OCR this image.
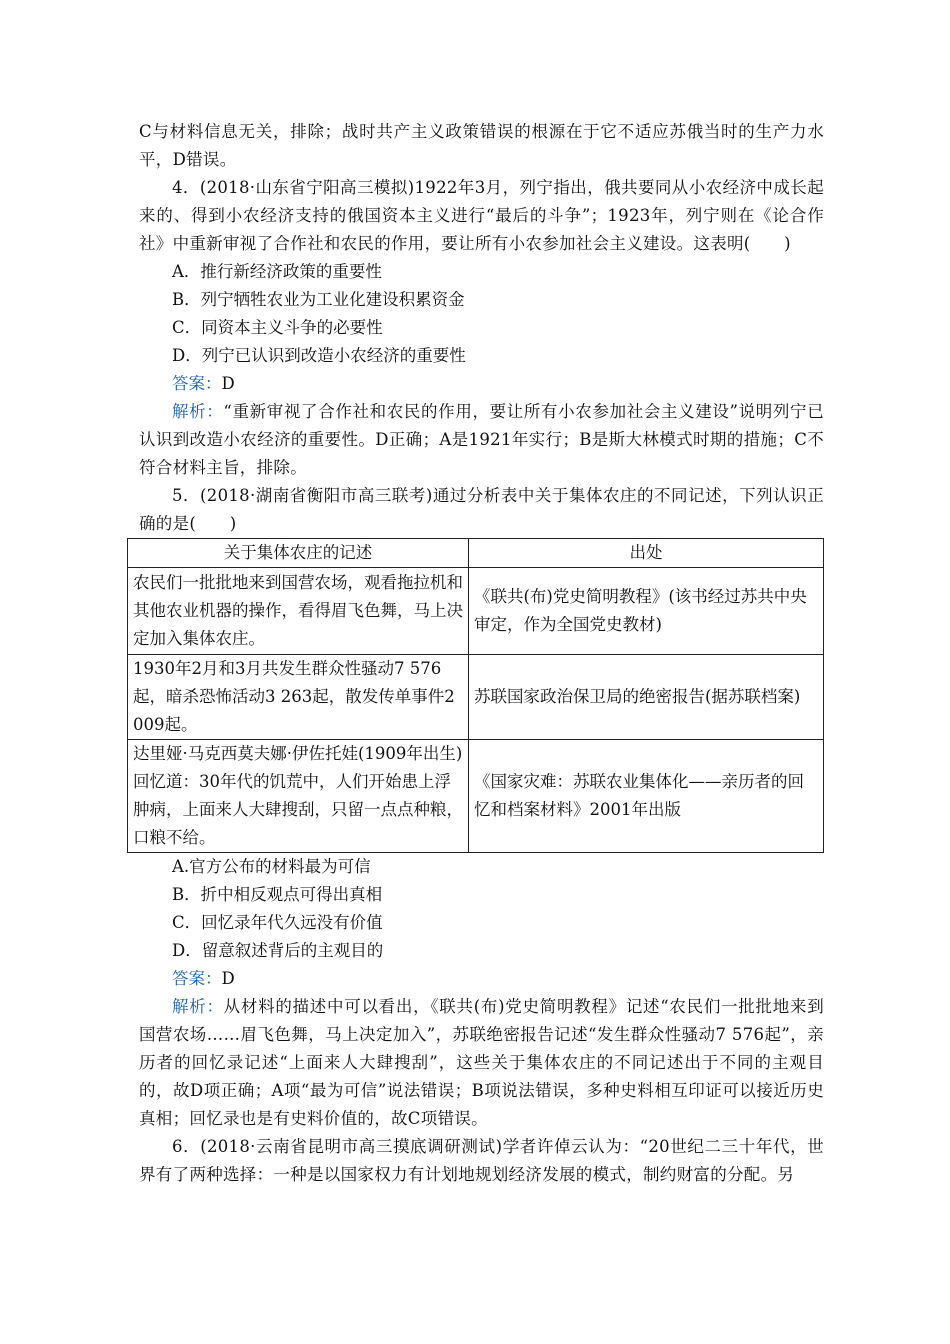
C与材料信息无关，排除；战时共产主义政策错误的根源在于它不适应苏俄当时的生产力水平，D错误。

4．(2018·山东省宁阳高三模拟)1922年3月，列宁指出，俄共要同从小农经济中成长起来的、得到小农经济支持的俄国资本主义进行“最后的斗争”；1923年，列宁则在《论合作社》中重新审视了合作社和农民的作用，要让所有小农参加社会主义建设。这表明(　　)

A．推行新经济政策的重要性

B．列宁牺牲农业为工业化建设积累资金

C．同资本主义斗争的必要性

D．列宁已认识到改造小农经济的重要性

答案：D

解析：“重新审视了合作社和农民的作用，要让所有小农参加社会主义建设”说明列宁已认识到改造小农经济的重要性。D正确；A是1921年实行；B是斯大林模式时期的措施；C不符合材料主旨，排除。

5．(2018·湖南省衡阳市高三联考)通过分析表中关于集体农庄的不同记述，下列认识正确的是(　　)

关于集体农庄的记述	出处
农民们一批批地来到国营农场，观看拖拉机和其他农业机器的操作，看得眉飞色舞，马上决定加入集体农庄。	《联共(布)党史简明教程》(该书经过苏共中央审定，作为全国党史教材)
1930年2月和3月共发生群众性骚动7 576起，暗杀恐怖活动3 263起，散发传单事件2 009起。	苏联国家政治保卫局的绝密报告(据苏联档案)
达里娅·马克西莫夫娜·伊佐托娃(1909年出生)回忆道：30年代的饥荒中，人们开始患上浮肿病，上面来人大肆搜刮，只留一点点种粮，口粮不给。	《国家灾难：苏联农业集体化——亲历者的回忆和档案材料》2001年出版

A.官方公布的材料最为可信

B．折中相反观点可得出真相

C．回忆录年代久远没有价值

D．留意叙述背后的主观目的

答案：D

解析：从材料的描述中可以看出，《联共(布)党史简明教程》记述“农民们一批批地来到国营农场……眉飞色舞，马上决定加入”，苏联绝密报告记述“发生群众性骚动7 576起”，亲历者的回忆录记述“上面来人大肆搜刮”，这些关于集体农庄的不同记述出于不同的主观目的，故D项正确；A项“最为可信”说法错误；B项说法错误，多种史料相互印证可以接近历史真相；回忆录也是有史料价值的，故C项错误。

6．(2018·云南省昆明市高三摸底调研测试)学者许倬云认为：“20世纪二三十年代，世界有了两种选择：一种是以国家权力有计划地规划经济发展的模式，制约财富的分配。另
